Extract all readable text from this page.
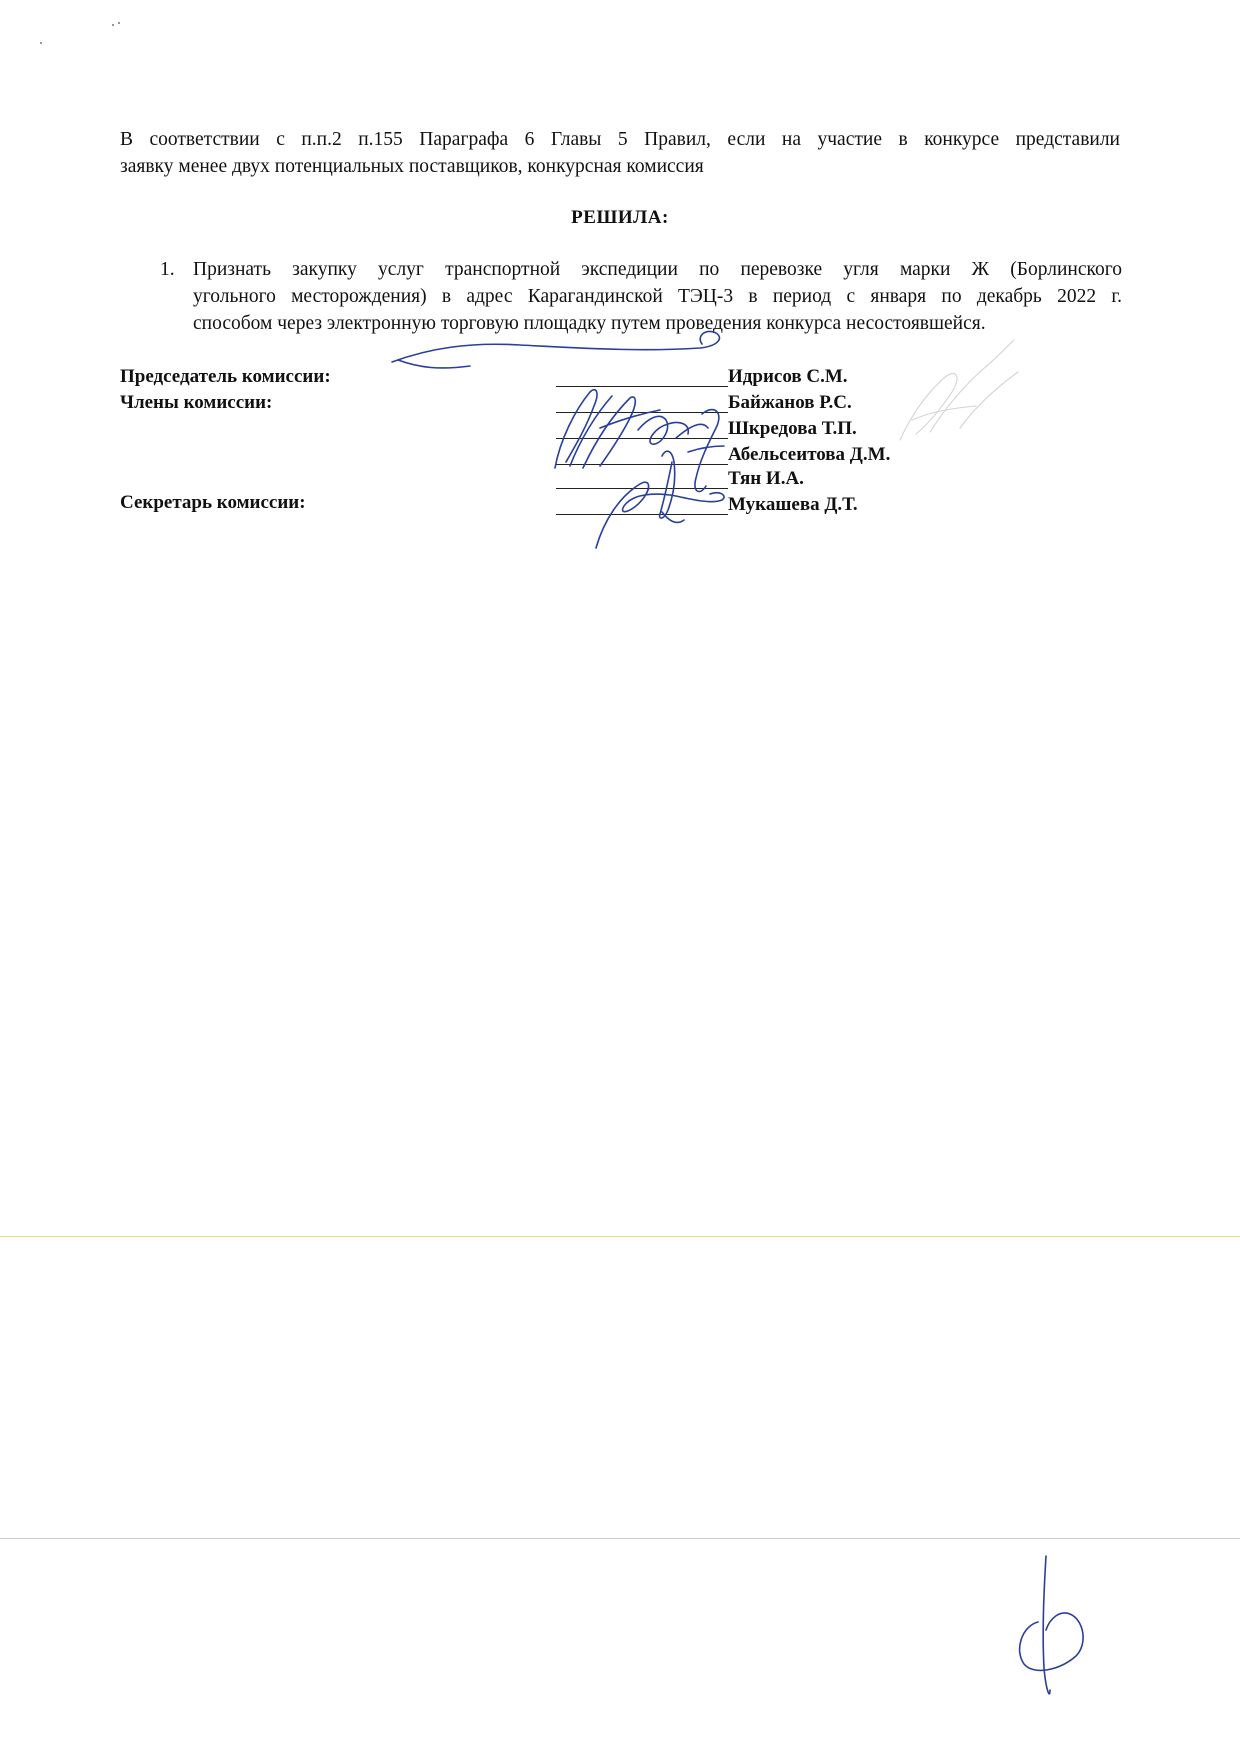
В соответствии с п.п.2 п.155 Параграфа 6 Главы 5 Правил, если на участие в конкурсе представили
заявку менее двух потенциальных поставщиков, конкурсная комиссия
РЕШИЛА:
1. Признать закупку услуг транспортной экспедиции по перевозке угля марки Ж (Борлинского
угольного месторождения) в адрес Карагандинской ТЭЦ-3 в период с января по декабрь 2022 г.
способом через электронную торговую площадку путем проведения конкурса несостоявшейся.
Председатель комиссии:
Члены комиссии:
Секретарь комиссии:
Идрисов С.М.
Байжанов Р.С.
Шкредова Т.П.
Абельсеитова Д.М.
Тян И.А.
Мукашева Д.Т.
